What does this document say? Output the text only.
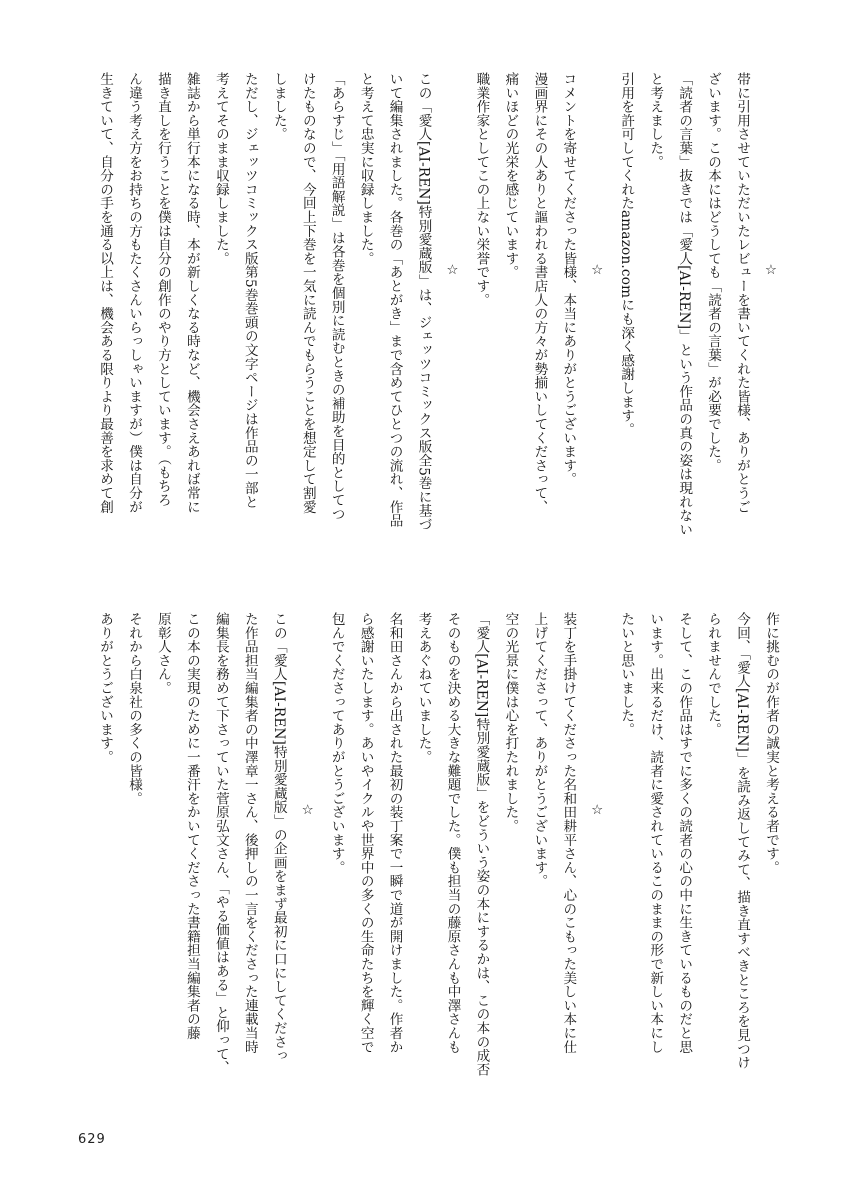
☆
帯に引用させていただいたレビューを書いてくれた皆様、ありがとうご
ざいます。この本にはどうしても「読者の言葉」が必要でした。
「読者の言葉」抜きでは「愛人[AI-REN]」という作品の真の姿は現れない
と考えました。
引用を許可してくれたamazon.comにも深く感謝します。
☆
コメントを寄せてくださった皆様、本当にありがとうございます。
漫画界にその人ありと謳われる書店人の方々が勢揃いしてくださって、
痛いほどの光栄を感じています。
職業作家としてこの上ない栄誉です。
☆
この「愛人[AI-REN]特別愛蔵版」は、ジェッツコミックス版全5巻に基づ
いて編集されました。各巻の「あとがき」まで含めてひとつの流れ、作品
と考えて忠実に収録しました。
「あらすじ」「用語解説」は各巻を個別に読むときの補助を目的としてつ
けたものなので、今回上下巻を一気に読んでもらうことを想定して割愛
しました。
ただし、ジェッツコミックス版第5巻巻頭の文字ページは作品の一部と
考えてそのまま収録しました。
雑誌から単行本になる時、本が新しくなる時など、機会さえあれば常に
描き直しを行うことを僕は自分の創作のやり方としています。（もちろ
ん違う考え方をお持ちの方もたくさんいらっしゃいますが）僕は自分が
生きていて、自分の手を通る以上は、機会ある限りより最善を求めて創
作に挑むのが作者の誠実と考える者です。
今回、「愛人[AI-REN]」を読み返してみて、描き直すべきところを見つけ
られませんでした。
そして、この作品はすでに多くの読者の心の中に生きているものだと思
います。出来るだけ、読者に愛されているこのままの形で新しい本にし
たいと思いました。
☆
装丁を手掛けてくださった名和田耕平さん、心のこもった美しい本に仕
上げてくださって、ありがとうございます。
空の光景に僕は心を打たれました。
「愛人[AI-REN]特別愛蔵版」をどういう姿の本にするかは、この本の成否
そのものを決める大きな難題でした。僕も担当の藤原さんも中澤さんも
考えあぐねていました。
名和田さんから出された最初の装丁案で一瞬で道が開けました。作者か
ら感謝いたします。あいやイクルや世界中の多くの生命たちを輝く空で
包んでくださってありがとうございます。
☆
この「愛人[AI-REN]特別愛蔵版」の企画をまず最初に口にしてくださっ
た作品担当編集者の中澤章一さん、後押しの一言をくださった連載当時
編集長を務めて下さっていた菅原弘文さん、「やる価値はある」と仰って、
この本の実現のために一番汗をかいてくださった書籍担当編集者の藤
原彰人さん。
それから白泉社の多くの皆様。
ありがとうございます。
629
